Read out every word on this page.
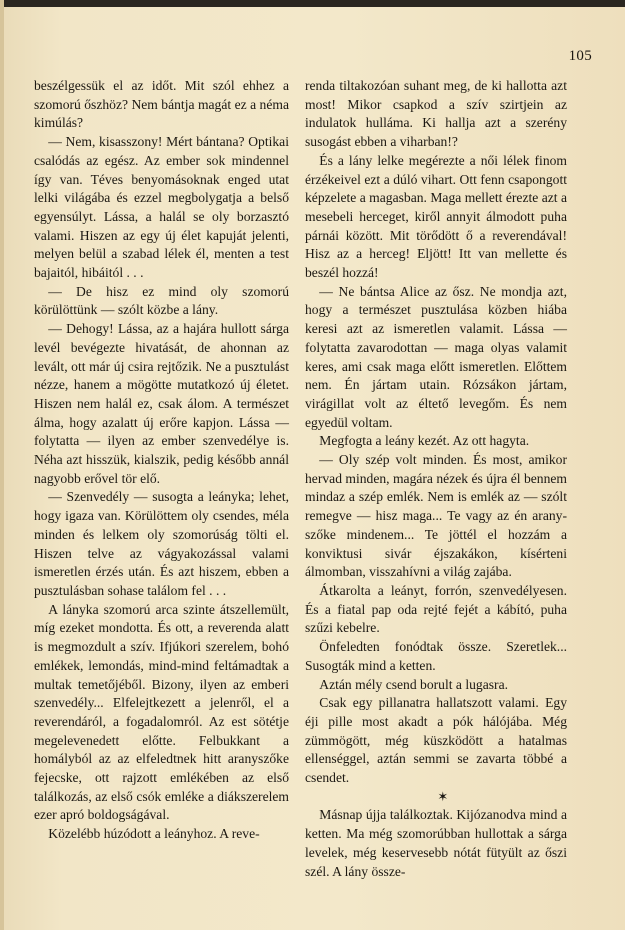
105

beszélgessük el az időt. Mit szól ehhez a szomorú őszhöz? Nem bántja magát ez a néma kimúlás?

— Nem, kisasszony! Mért bántana? Optikai csalódás az egész. Az ember sok mindennel így van. Téves benyomásoknak enged utat lelki világába és ezzel megbolygatja a belső egyensúlyt. Lássa, a halál se oly borzasztó valami. Hiszen az egy új élet kapuját jelenti, melyen belül a szabad lélek él, menten a test bajaitól, hibáitól . . .

— De hisz ez mind oly szomorú körülöttünk — szólt közbe a lány.

— Dehogy! Lássa, az a hajára hullott sárga levél bevégezte hivatását, de ahonnan az levált, ott már új csira rejtőzik. Ne a pusztulást nézze, hanem a mögötte mutatkozó új életet. Hiszen nem halál ez, csak álom. A természet álma, hogy azalatt új erőre kapjon. Lássa — folytatta — ilyen az ember szenvedélye is. Néha azt hisszük, kialszik, pedig később annál nagyobb erővel tör elő.

— Szenvedély — susogta a leányka; lehet, hogy igaza van. Körülöttem oly csendes, méla minden és lelkem oly szomorúság tölti el. Hiszen telve az vágyakozással valami ismeretlen érzés után. És azt hiszem, ebben a pusztulásban sohase találom fel . . .

A lányka szomorú arca szinte átszellemült, míg ezeket mondotta. És ott, a reverenda alatt is megmozdult a szív. Ifjúkori szerelem, bohó emlékek, lemondás, mind-mind feltámadtak a multak temetőjéből. Bizony, ilyen az emberi szenvedély... Elfelejtkezett a jelenről, el a reverendáról, a fogadalomról. Az est sötétje megelevenedett előtte. Felbukkant a homályból az az elfeledtnek hitt aranyszőke fejecske, ott rajzott emlékében az első találkozás, az első csók emléke a diákszerelem ezer apró boldogságával.

Közelébb húzódott a leányhoz. A reve-

renda tiltakozóan suhant meg, de ki hallotta azt most! Mikor csapkod a szív szirtjein az indulatok hulláma. Ki hallja azt a szerény susogást ebben a viharban!?

És a lány lelke megérezte a női lélek finom érzékeivel ezt a dúló vihart. Ott fenn csapongott képzelete a magasban. Maga mellett érezte azt a mesebeli herceget, kiről annyit álmodott puha párnái között. Mit törődött ő a reverendával! Hisz az a herceg! Eljött! Itt van mellette és beszél hozzá!

— Ne bántsa Alice az ősz. Ne mondja azt, hogy a természet pusztulása közben hiába keresi azt az ismeretlen valamit. Lássa — folytatta zavarodottan — maga olyas valamit keres, ami csak maga előtt ismeretlen. Előttem nem. Én jártam utain. Rózsákon jártam, virágillat volt az éltető levegőm. És nem egyedül voltam.

Megfogta a leány kezét. Az ott hagyta.

— Oly szép volt minden. És most, amikor hervad minden, magára nézek és újra él bennem mindaz a szép emlék. Nem is emlék az — szólt remegve — hisz maga... Te vagy az én arany-szőke mindenem... Te jöttél el hozzám a konviktusi sivár éjszakákon, kísérteni álmomban, visszahívni a világ zajába.

Átkarolta a leányt, forrón, szenvedélyesen. És a fiatal pap oda rejté fejét a kábító, puha szűzi kebelre.

Önfeledten fonódtak össze. Szeretlek... Susogták mind a ketten.

Aztán mély csend borult a lugasra.

Csak egy pillanatra hallatszott valami. Egy éji pille most akadt a pók hálójába. Még zümmögött, még küszködött a hatalmas ellenséggel, aztán semmi se zavarta többé a csendet.

✶

Másnap újja találkoztak. Kijózanodva mind a ketten. Ma még szomorúbban hullottak a sárga levelek, még keservesebb nótát fütyült az őszi szél. A lány össze-
